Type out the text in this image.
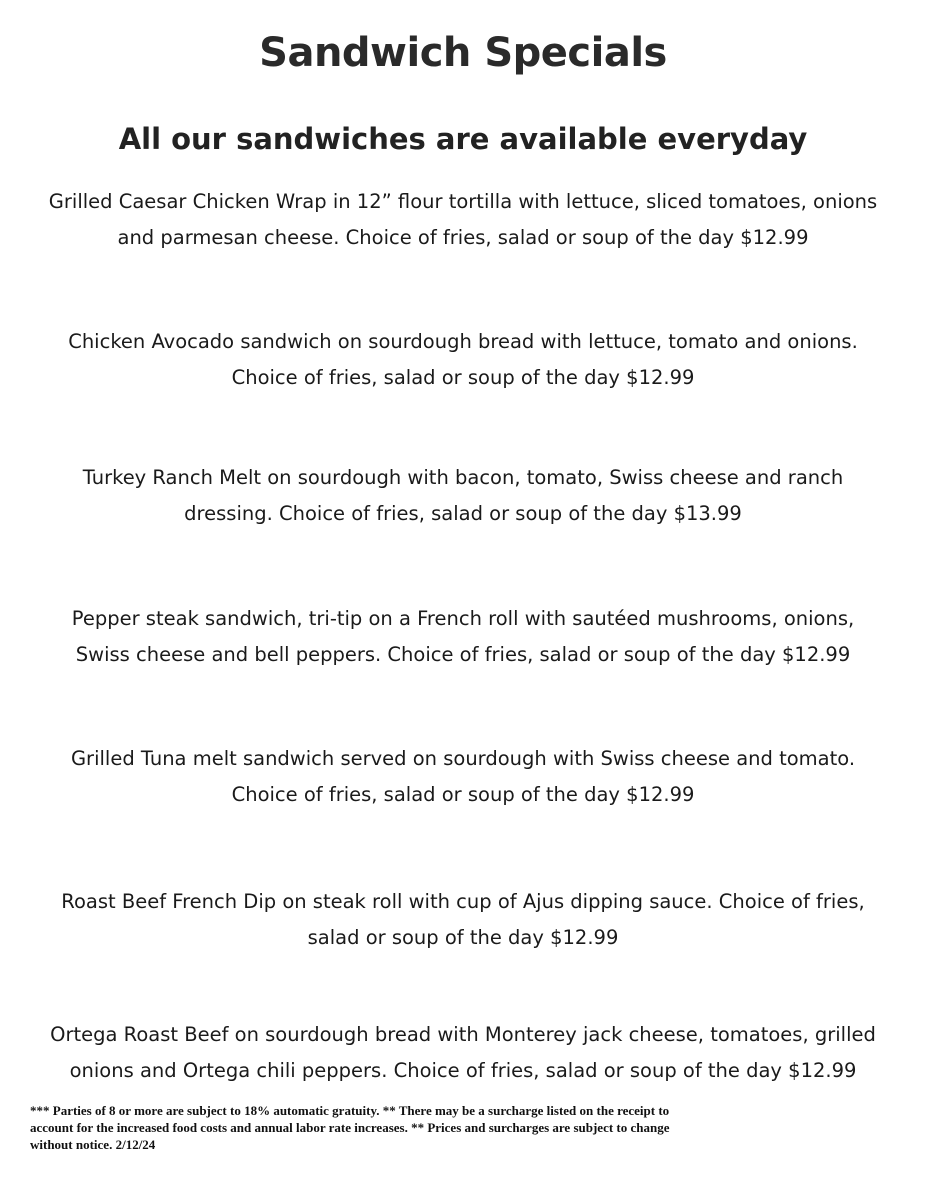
Sandwich Specials
All our sandwiches are available everyday

Grilled Caesar Chicken Wrap in 12” flour tortilla with lettuce, sliced tomatoes, onions
and parmesan cheese. Choice of fries, salad or soup of the day $12.99

Chicken Avocado sandwich on sourdough bread with lettuce, tomato and onions.
Choice of fries, salad or soup of the day $12.99

Turkey Ranch Melt on sourdough with bacon, tomato, Swiss cheese and ranch
dressing. Choice of fries, salad or soup of the day $13.99

Pepper steak sandwich, tri-tip on a French roll with sautéed mushrooms, onions,
Swiss cheese and bell peppers. Choice of fries, salad or soup of the day $12.99

Grilled Tuna melt sandwich served on sourdough with Swiss cheese and tomato.
Choice of fries, salad or soup of the day $12.99

Roast Beef French Dip on steak roll with cup of Ajus dipping sauce. Choice of fries,
salad or soup of the day $12.99

Ortega Roast Beef on sourdough bread with Monterey jack cheese, tomatoes, grilled
onions and Ortega chili peppers. Choice of fries, salad or soup of the day $12.99

*** Parties of 8 or more are subject to 18% automatic gratuity. ** There may be a surcharge listed on the receipt to
account for the increased food costs and annual labor rate increases. ** Prices and surcharges are subject to change
without notice. 2/12/24
